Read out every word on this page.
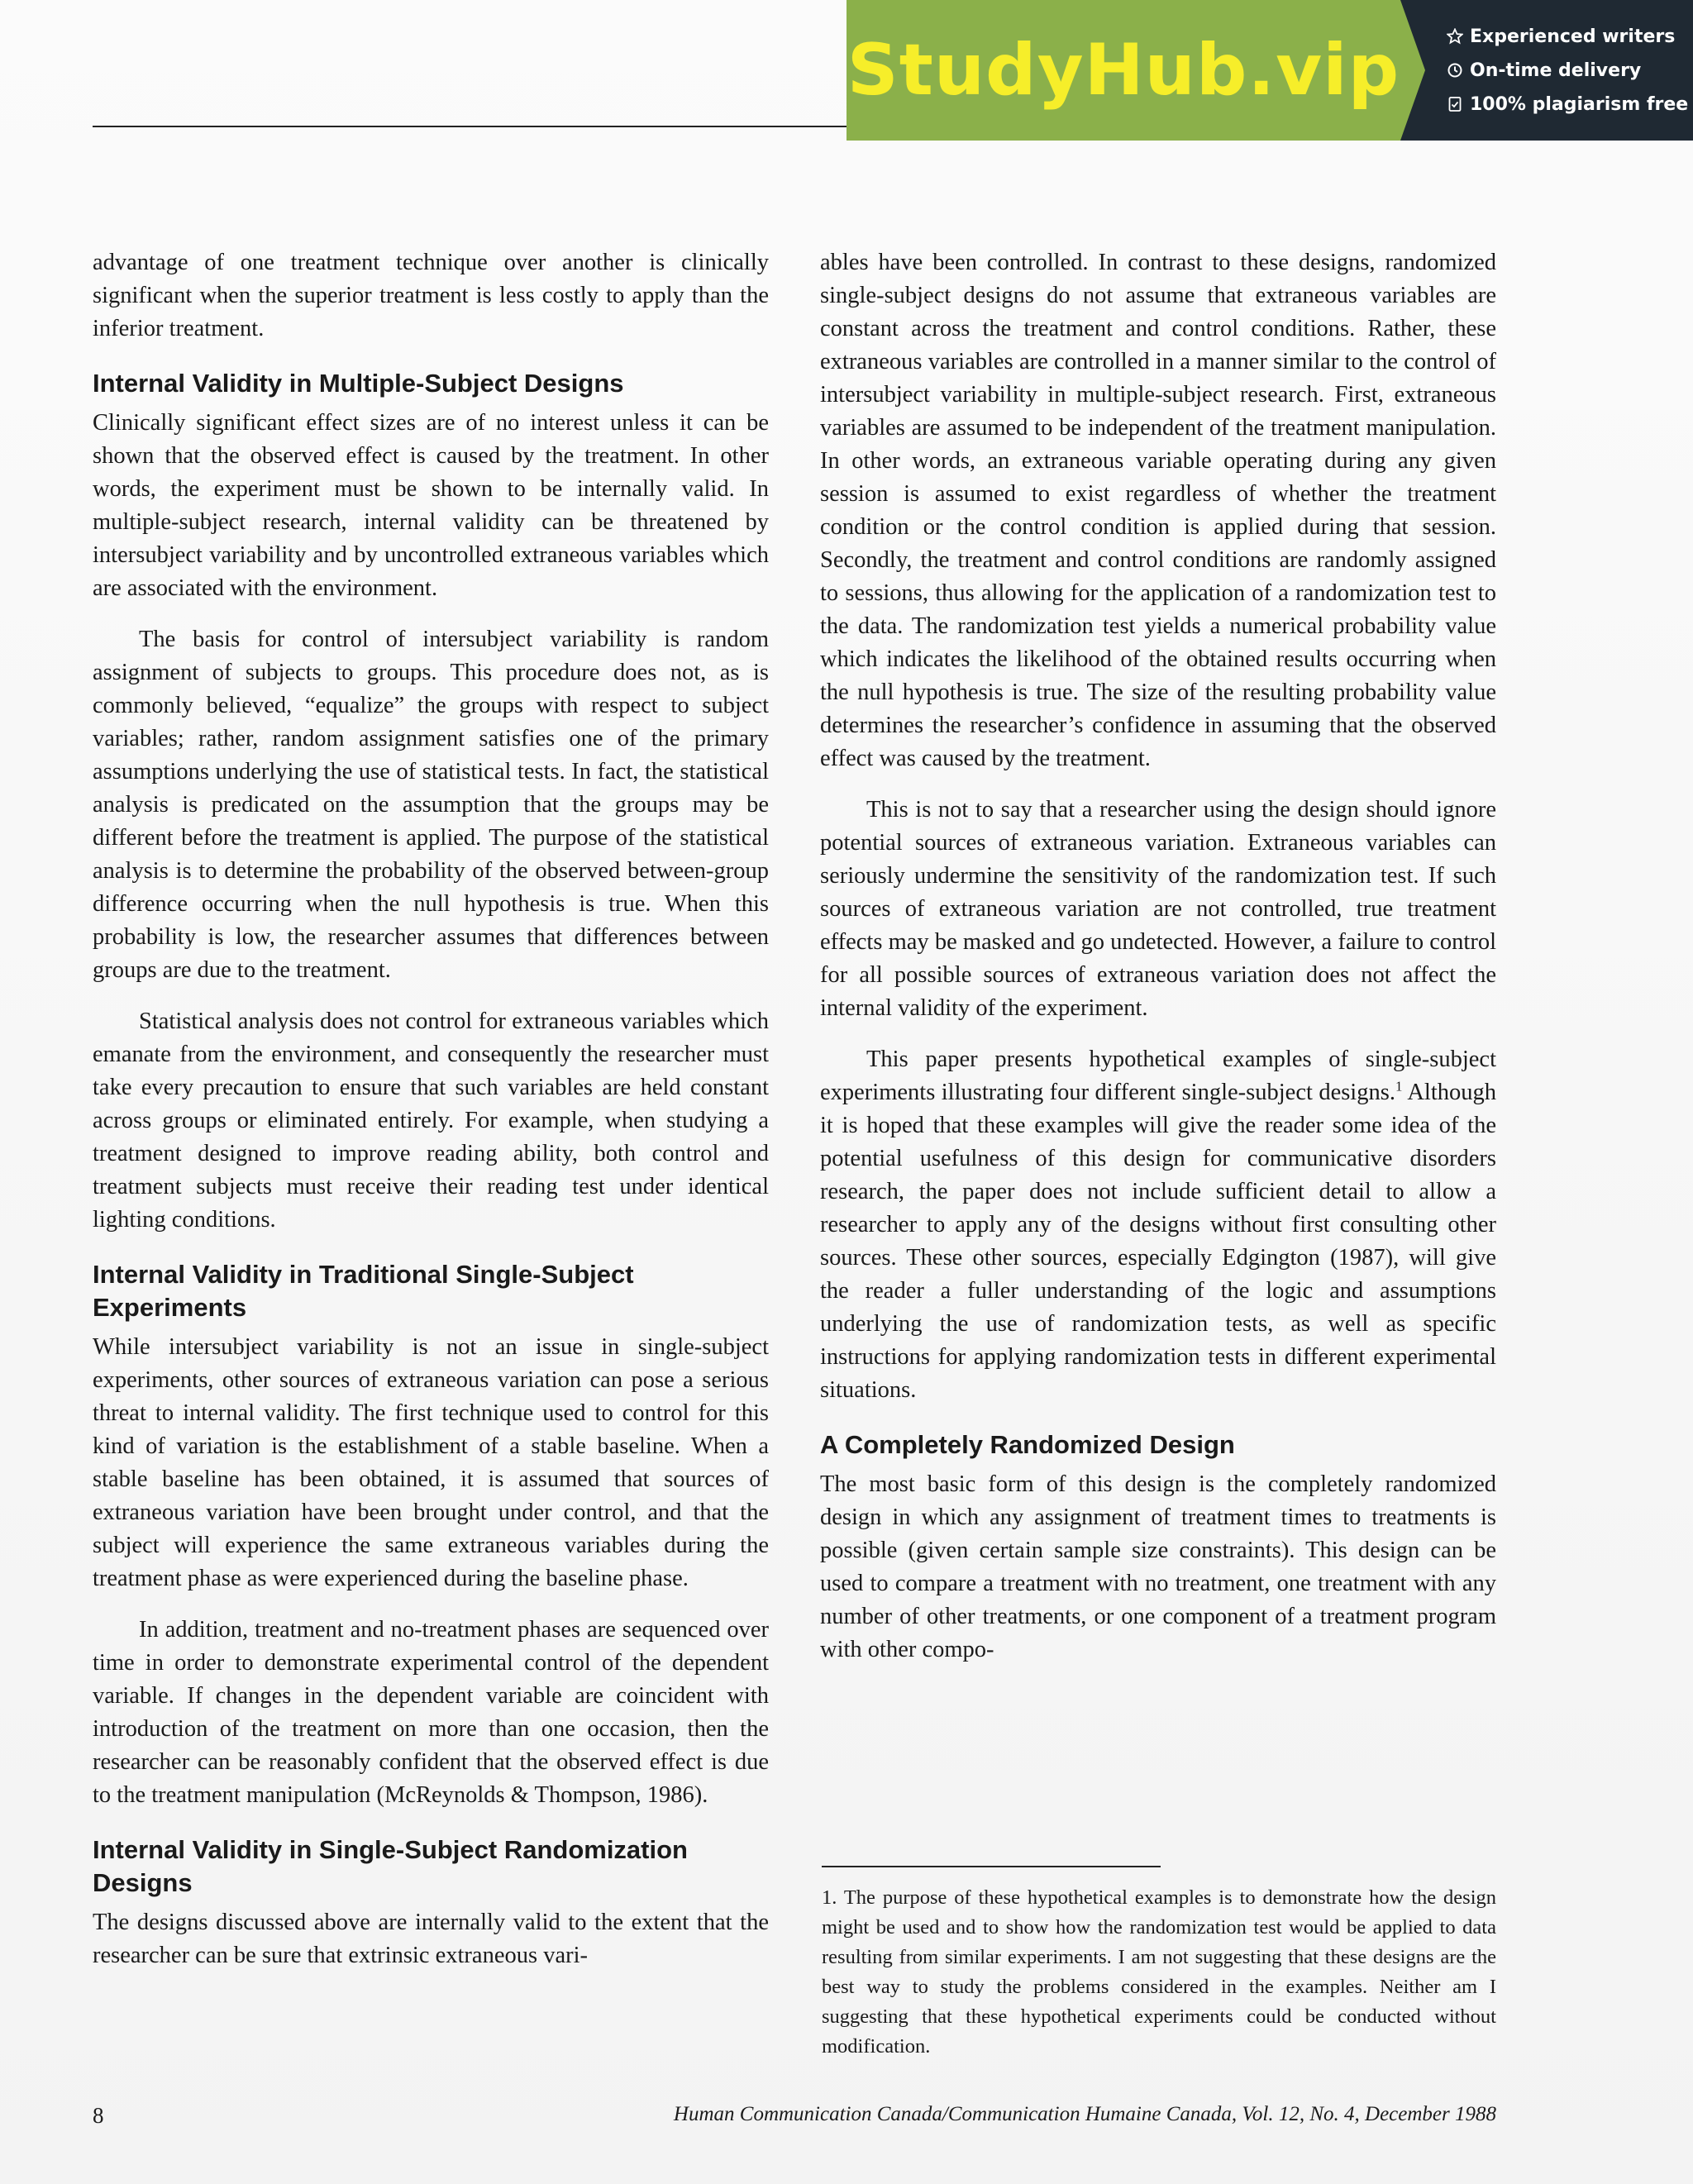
StudyHub.vip	Experienced writers
On-time delivery
100% plagiarism free

advantage of one treatment technique over another is clinically significant when the superior treatment is less costly to apply than the inferior treatment.

Internal Validity in Multiple-Subject Designs

Clinically significant effect sizes are of no interest unless it can be shown that the observed effect is caused by the treatment. In other words, the experiment must be shown to be internally valid. In multiple-subject research, internal validity can be threatened by intersubject variability and by uncontrolled extraneous variables which are associated with the environment.

The basis for control of intersubject variability is random assignment of subjects to groups. This procedure does not, as is commonly believed, “equalize” the groups with respect to subject variables; rather, random assignment satisfies one of the primary assumptions underlying the use of statistical tests. In fact, the statistical analysis is predicated on the assumption that the groups may be different before the treatment is applied. The purpose of the statistical analysis is to determine the probability of the observed between-group difference occurring when the null hypothesis is true. When this probability is low, the researcher assumes that differences between groups are due to the treatment.

Statistical analysis does not control for extraneous variables which emanate from the environment, and consequently the researcher must take every precaution to ensure that such variables are held constant across groups or eliminated entirely. For example, when studying a treatment designed to improve reading ability, both control and treatment subjects must receive their reading test under identical lighting conditions.

Internal Validity in Traditional Single-Subject Experiments

While intersubject variability is not an issue in single-subject experiments, other sources of extraneous variation can pose a serious threat to internal validity. The first technique used to control for this kind of variation is the establishment of a stable baseline. When a stable baseline has been obtained, it is assumed that sources of extraneous variation have been brought under control, and that the subject will experience the same extraneous variables during the treatment phase as were experienced during the baseline phase.

In addition, treatment and no-treatment phases are sequenced over time in order to demonstrate experimental control of the dependent variable. If changes in the dependent variable are coincident with introduction of the treatment on more than one occasion, then the researcher can be reasonably confident that the observed effect is due to the treatment manipulation (McReynolds & Thompson, 1986).

Internal Validity in Single-Subject Randomization Designs

The designs discussed above are internally valid to the extent that the researcher can be sure that extrinsic extraneous vari-

ables have been controlled. In contrast to these designs, randomized single-subject designs do not assume that extraneous variables are constant across the treatment and control conditions. Rather, these extraneous variables are controlled in a manner similar to the control of intersubject variability in multiple-subject research. First, extraneous variables are assumed to be independent of the treatment manipulation. In other words, an extraneous variable operating during any given session is assumed to exist regardless of whether the treatment condition or the control condition is applied during that session. Secondly, the treatment and control conditions are randomly assigned to sessions, thus allowing for the application of a randomization test to the data. The randomization test yields a numerical probability value which indicates the likelihood of the obtained results occurring when the null hypothesis is true. The size of the resulting probability value determines the researcher’s confidence in assuming that the observed effect was caused by the treatment.

This is not to say that a researcher using the design should ignore potential sources of extraneous variation. Extraneous variables can seriously undermine the sensitivity of the randomization test. If such sources of extraneous variation are not controlled, true treatment effects may be masked and go undetected. However, a failure to control for all possible sources of extraneous variation does not affect the internal validity of the experiment.

This paper presents hypothetical examples of single-subject experiments illustrating four different single-subject designs.$^1$ Although it is hoped that these examples will give the reader some idea of the potential usefulness of this design for communicative disorders research, the paper does not include sufficient detail to allow a researcher to apply any of the designs without first consulting other sources. These other sources, especially Edgington (1987), will give the reader a fuller understanding of the logic and assumptions underlying the use of randomization tests, as well as specific instructions for applying randomization tests in different experimental situations.

A Completely Randomized Design

The most basic form of this design is the completely randomized design in which any assignment of treatment times to treatments is possible (given certain sample size constraints). This design can be used to compare a treatment with no treatment, one treatment with any number of other treatments, or one component of a treatment program with other compo-

1. The purpose of these hypothetical examples is to demonstrate how the design might be used and to show how the randomization test would be applied to data resulting from similar experiments. I am not suggesting that these designs are the best way to study the problems considered in the examples. Neither am I suggesting that these hypothetical experiments could be conducted without modification.
8	Human Communication Canada/Communication Humaine Canada, Vol. 12, No. 4, December 1988
